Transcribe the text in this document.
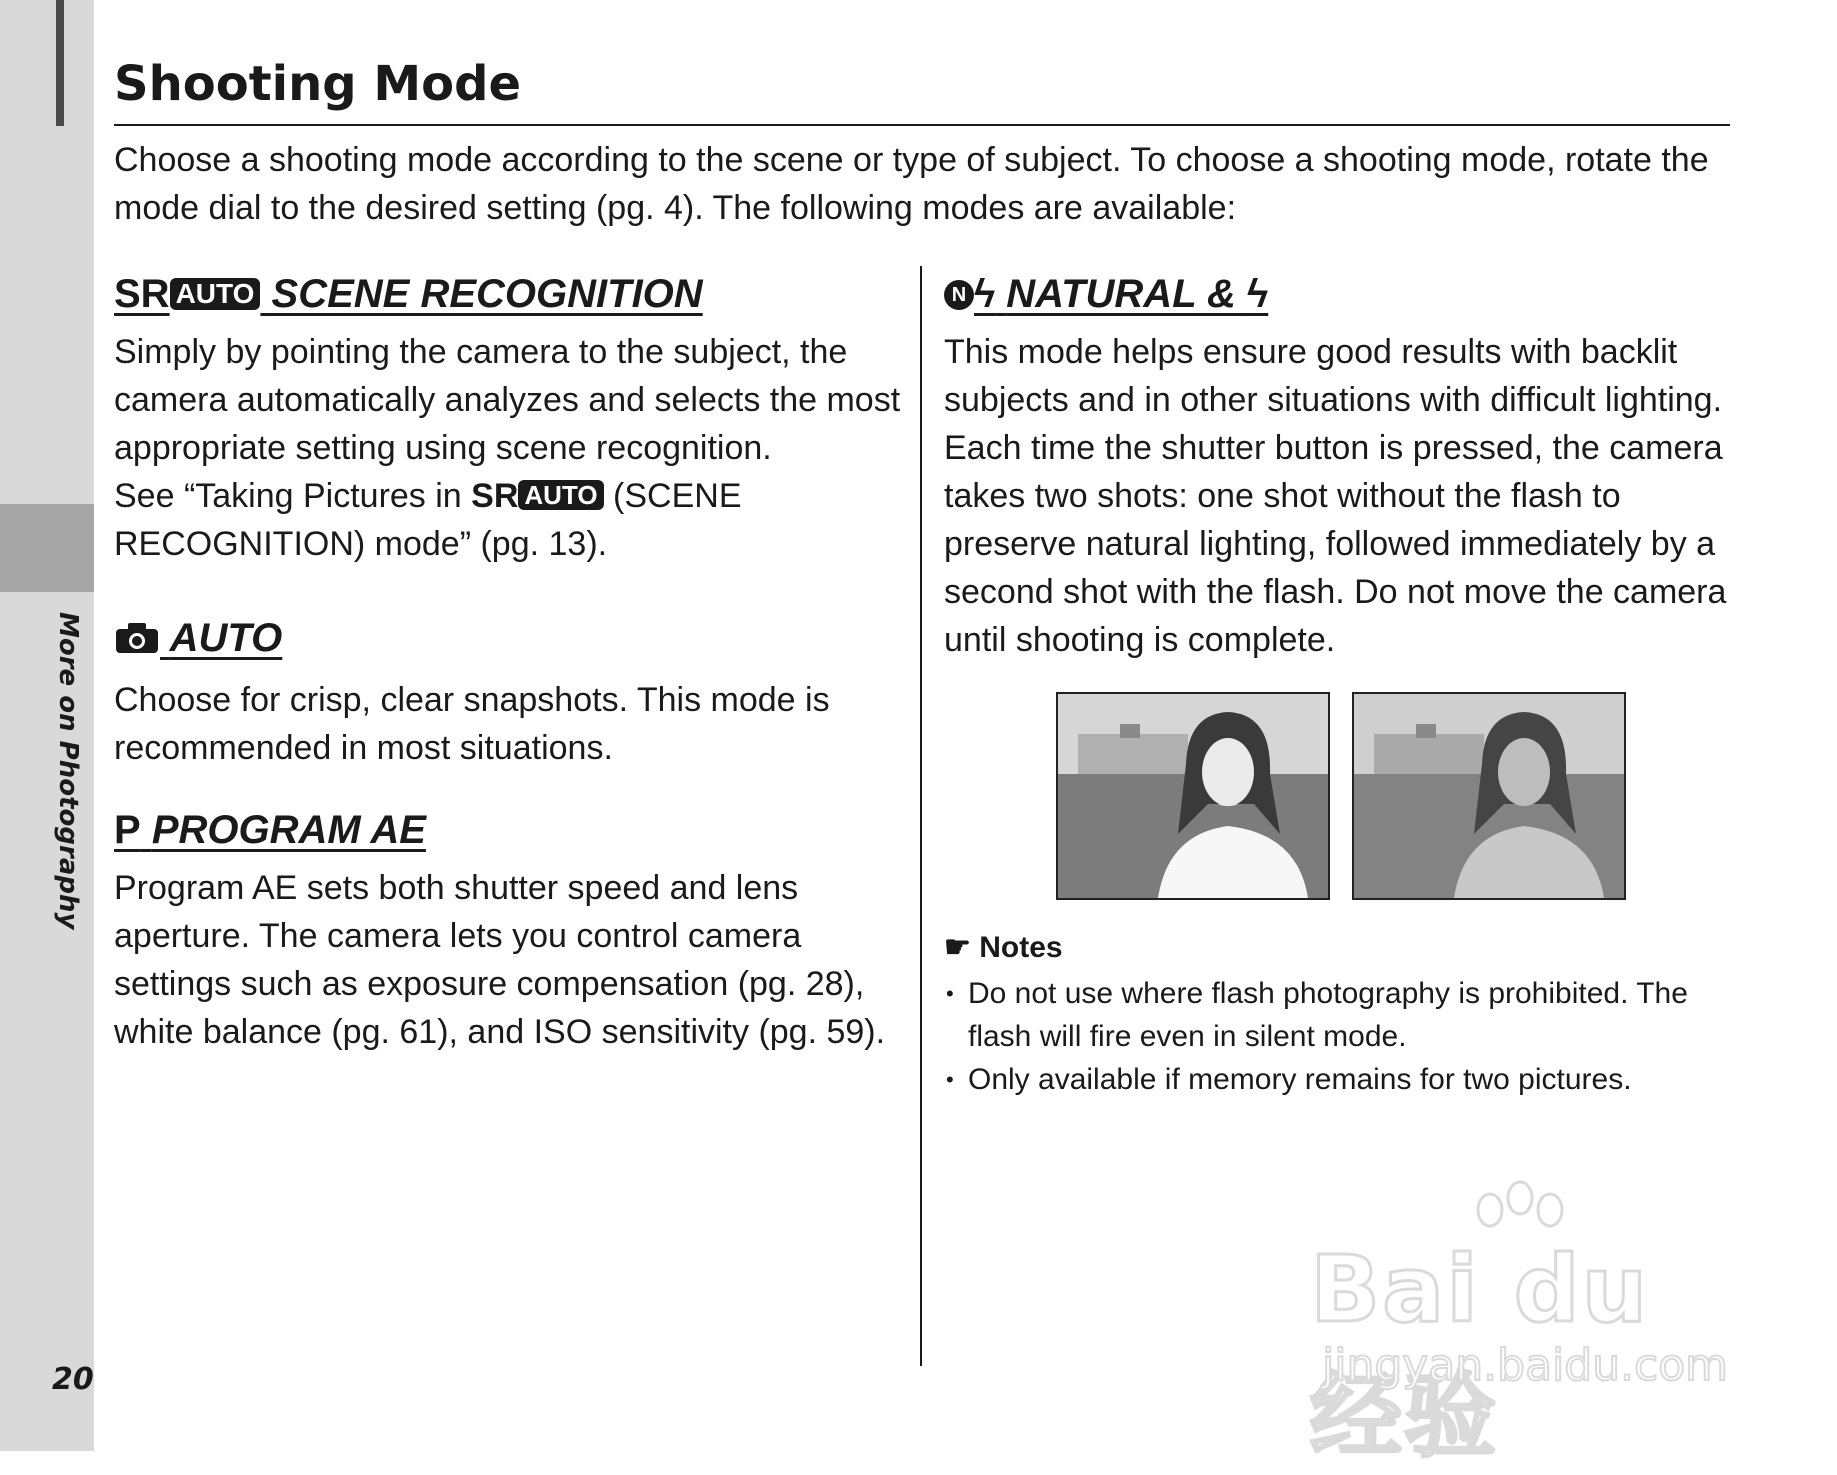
More on Photography
20
Shooting Mode
Choose a shooting mode according to the scene or type of subject. To choose a shooting mode, rotate the mode dial to the desired setting (pg. 4). The following modes are available:
SR AUTO SCENE RECOGNITION

Simply by pointing the camera to the subject, the camera automatically analyzes and selects the most appropriate setting using scene recognition.

See “Taking Pictures in SR AUTO (SCENE RECOGNITION) mode” (pg. 13).

AUTO

Choose for crisp, clear snapshots. This mode is recommended in most situations.

P PROGRAM AE

Program AE sets both shutter speed and lens aperture. The camera lets you control camera settings such as exposure compensation (pg. 28), white balance (pg. 61), and ISO sensitivity (pg. 59).

N ϟ NATURAL & ϟ

This mode helps ensure good results with backlit subjects and in other situations with difficult lighting. Each time the shutter button is pressed, the camera takes two shots: one shot without the flash to preserve natural lighting, followed immediately by a second shot with the flash. Do not move the camera until shooting is complete.

☛ Notes
• Do not use where flash photography is prohibited. The flash will fire even in silent mode.
• Only available if memory remains for two pictures.
Bai du 经验
jingyan.baidu.com
